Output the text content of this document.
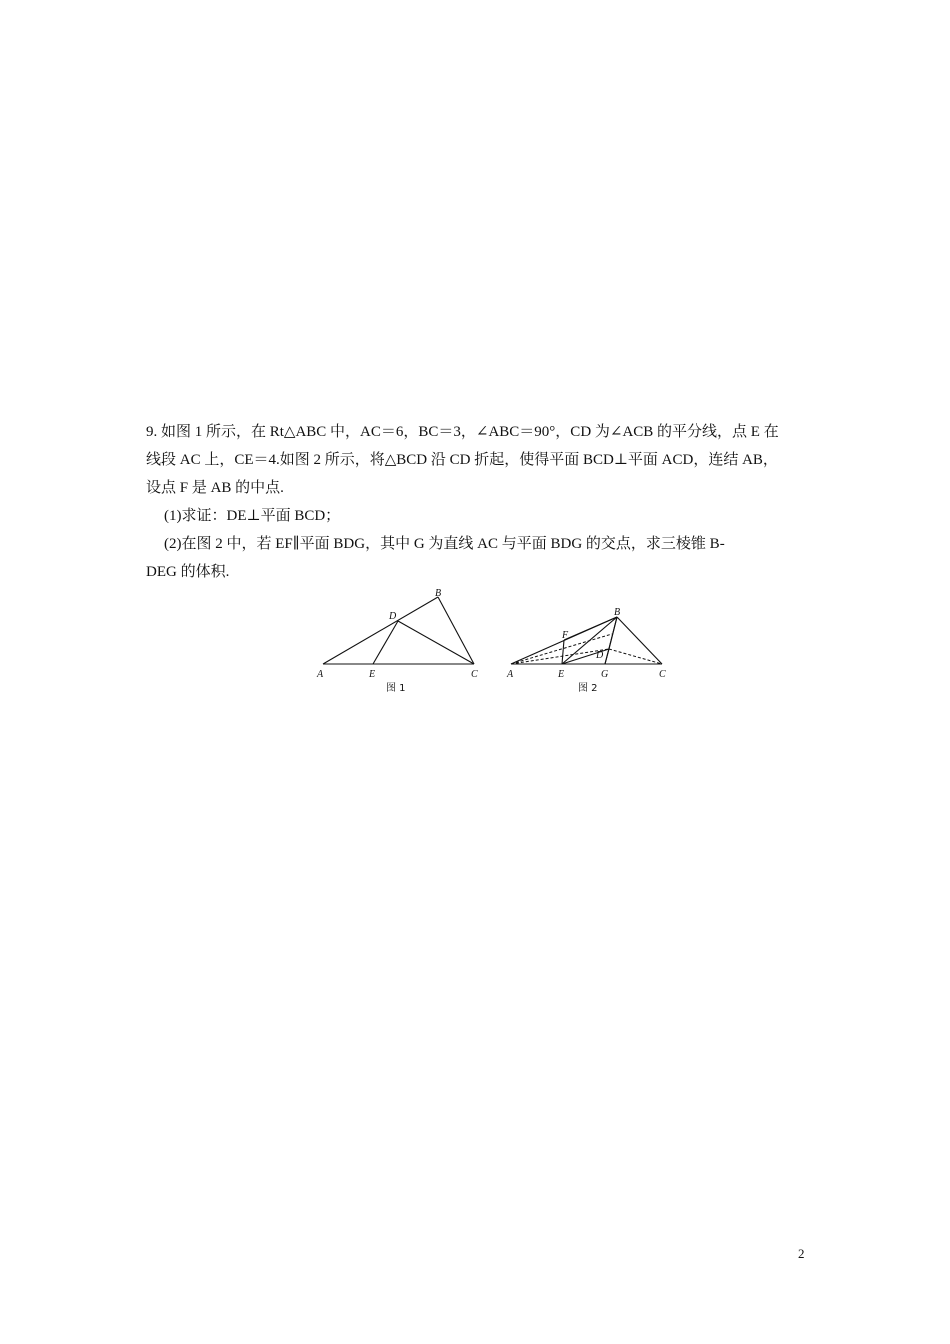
9. 如图 1 所示，在 Rt△ABC 中，AC＝6，BC＝3，∠ABC＝90°，CD 为∠ACB 的平分线，点 E 在

线段 AC 上，CE＝4.如图 2 所示，将△BCD 沿 CD 折起，使得平面 BCD⊥平面 ACD，连结 AB，

设点 F 是 AB 的中点.

(1)求证：DE⊥平面 BCD；

(2)在图 2 中，若 EF∥平面 BDG，其中 G 为直线 AC 与平面 BDG 的交点，求三棱锥 B-

DEG 的体积.

A	E	C
B
D
图 1
A	E	G	C
B
F
D
图 2
2
